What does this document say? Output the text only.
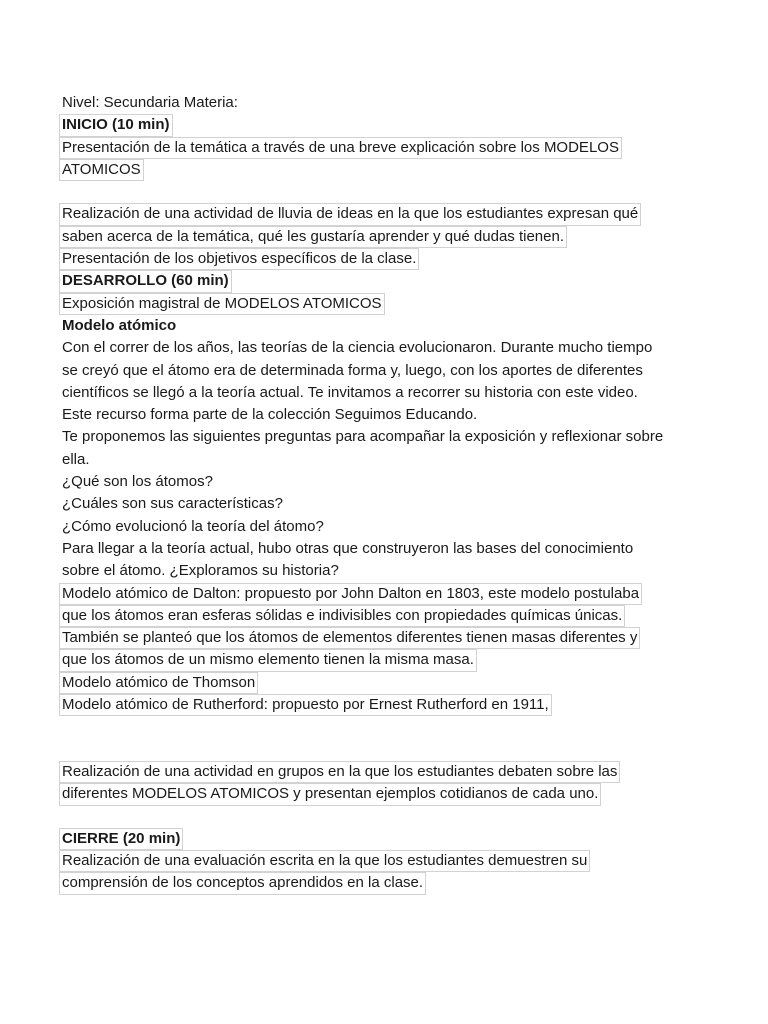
Nivel: Secundaria Materia:
INICIO (10 min)
Presentación de la temática a través de una breve explicación sobre los MODELOS
ATOMICOS
Realización de una actividad de lluvia de ideas en la que los estudiantes expresan qué
saben acerca de la temática, qué les gustaría aprender y qué dudas tienen.
Presentación de los objetivos específicos de la clase.
DESARROLLO (60 min)
Exposición magistral de MODELOS ATOMICOS
Modelo atómico
Con el correr de los años, las teorías de la ciencia evolucionaron. Durante mucho tiempo
se creyó que el átomo era de determinada forma y, luego, con los aportes de diferentes
científicos se llegó a la teoría actual. Te invitamos a recorrer su historia con este video.
Este recurso forma parte de la colección Seguimos Educando.
Te proponemos las siguientes preguntas para acompañar la exposición y reflexionar sobre
ella.
¿Qué son los átomos?
¿Cuáles son sus características?
¿Cómo evolucionó la teoría del átomo?
Para llegar a la teoría actual, hubo otras que construyeron las bases del conocimiento
sobre el átomo. ¿Exploramos su historia?
Modelo atómico de Dalton: propuesto por John Dalton en 1803, este modelo postulaba
que los átomos eran esferas sólidas e indivisibles con propiedades químicas únicas.
También se planteó que los átomos de elementos diferentes tienen masas diferentes y
que los átomos de un mismo elemento tienen la misma masa.
Modelo atómico de Thomson
Modelo atómico de Rutherford: propuesto por Ernest Rutherford en 1911,
Realización de una actividad en grupos en la que los estudiantes debaten sobre las
diferentes MODELOS ATOMICOS y presentan ejemplos cotidianos de cada uno.
CIERRE (20 min)
Realización de una evaluación escrita en la que los estudiantes demuestren su
comprensión de los conceptos aprendidos en la clase.
